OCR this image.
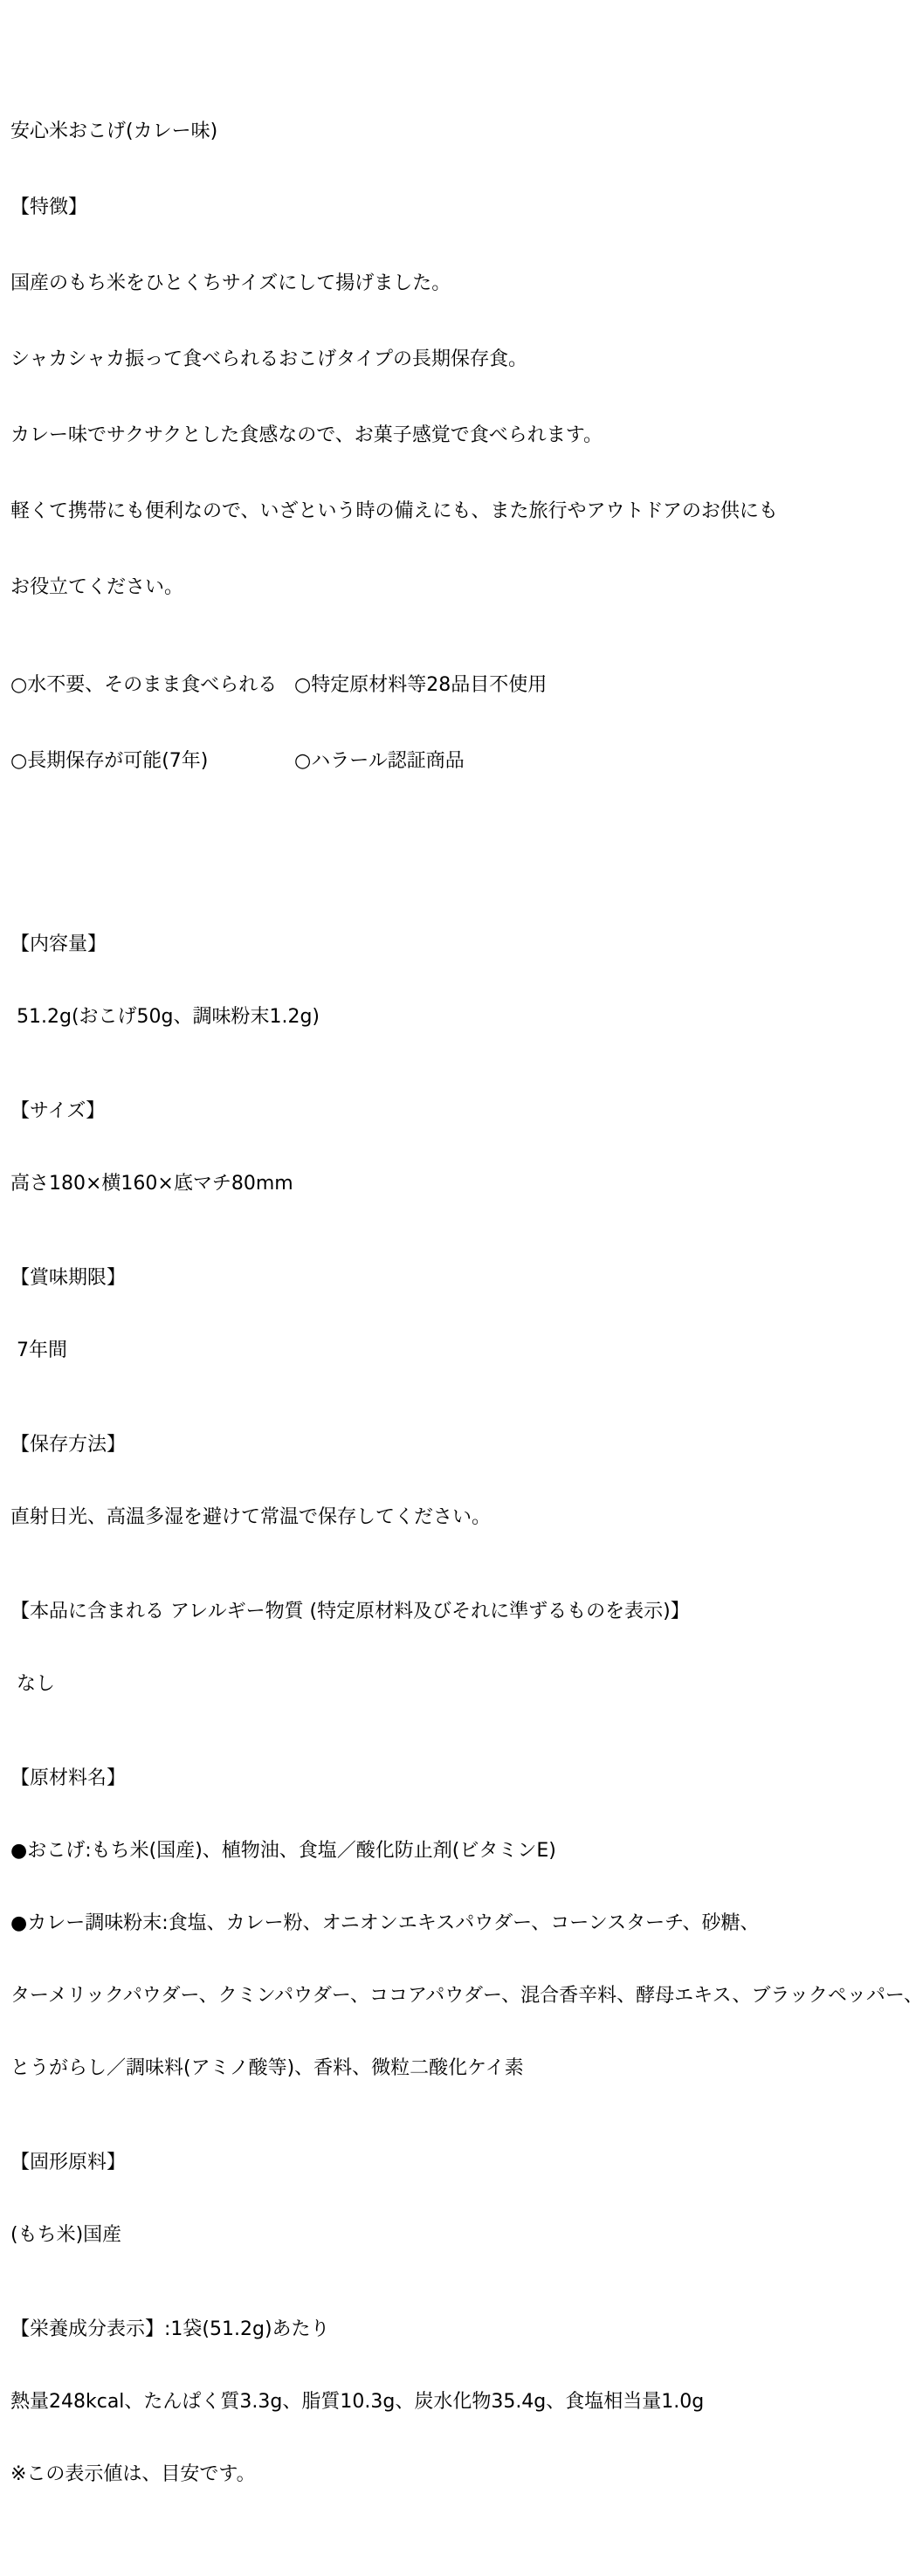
安心米おこげ(カレー味)

【特徴】

国産のもち米をひとくちサイズにして揚げました。

シャカシャカ振って食べられるおこげタイプの長期保存食。

カレー味でサクサクとした食感なので、お菓子感覚で食べられます。

軽くて携帯にも便利なので、いざという時の備えにも、また旅行やアウトドアのお供にも

お役立てください。

○水不要、そのまま食べられる ○特定原材料等28品目不使用

○長期保存が可能(7年)	○ハラール認証商品

【内容量】

51.2g(おこげ50g、調味粉末1.2g)

【サイズ】

高さ180×横160×底マチ80mm

【賞味期限】

7年間

【保存方法】

直射日光、高温多湿を避けて常温で保存してください。

【本品に含まれる アレルギー物質 (特定原材料及びそれに準ずるものを表示)】

なし

【原材料名】

●おこげ:もち米(国産)、植物油、食塩／酸化防止剤(ビタミンE)

●カレー調味粉末:食塩、カレー粉、オニオンエキスパウダー、コーンスターチ、砂糖、

ターメリックパウダー、クミンパウダー、ココアパウダー、混合香辛料、酵母エキス、ブラックペッパー、

とうがらし／調味料(アミノ酸等)、香料、微粒二酸化ケイ素

【固形原料】

(もち米)国産

【栄養成分表示】:1袋(51.2g)あたり

熱量248kcal、たんぱく質3.3g、脂質10.3g、炭水化物35.4g、食塩相当量1.0g

※この表示値は、目安です。
